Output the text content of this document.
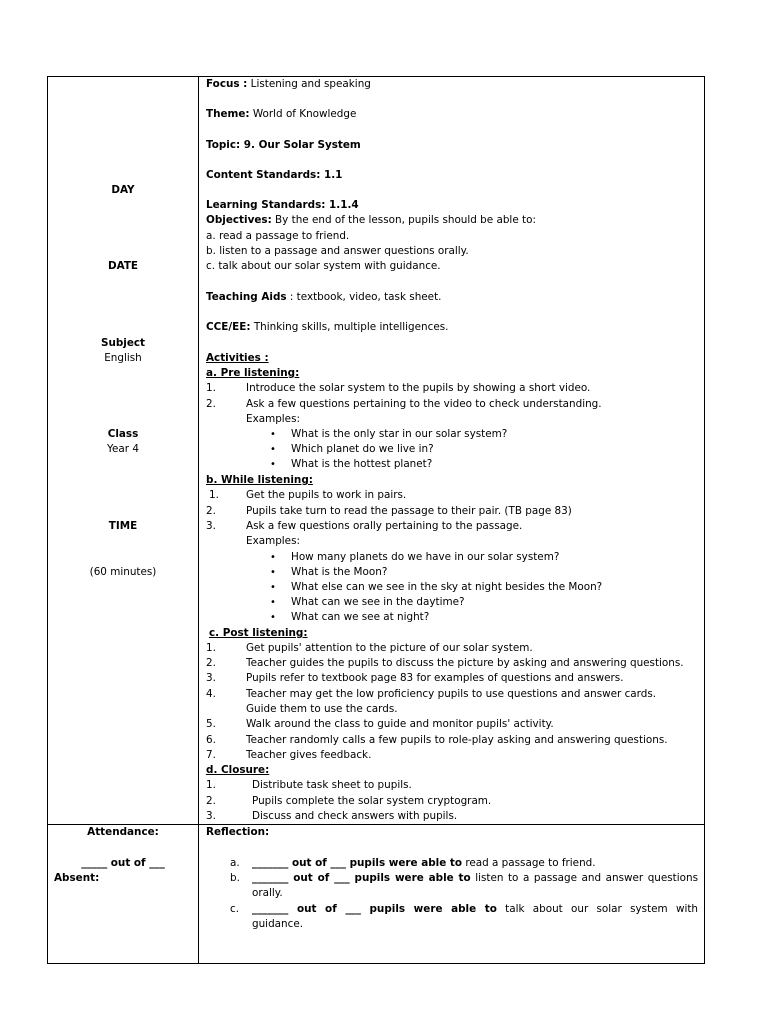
DAY
DATE
Subject
English
Class
Year 4
TIME
(60 minutes)
Focus : Listening and speaking
Theme: World of Knowledge
Topic: 9. Our Solar System
Content Standards: 1.1
Learning Standards: 1.1.4
Objectives: By the end of the lesson, pupils should be able to:
a. read a passage to friend.
b. listen to a passage and answer questions orally.
c. talk about our solar system with guidance.
Teaching Aids : textbook, video, task sheet.
CCE/EE: Thinking skills, multiple intelligences.
Activities :
a. Pre listening:
1.	Introduce the solar system to the pupils by showing a short video.
2.	Ask a few questions pertaining to the video to check understanding.
Examples:
• What is the only star in our solar system?
• Which planet do we live in?
• What is the hottest planet?
b. While listening:
1.	Get the pupils to work in pairs.
2.	Pupils take turn to read the passage to their pair. (TB page 83)
3.	Ask a few questions orally pertaining to the passage.
Examples:
• How many planets do we have in our solar system?
• What is the Moon?
• What else can we see in the sky at night besides the Moon?
• What can we see in the daytime?
• What can we see at night?
c. Post listening:
1.	Get pupils' attention to the picture of our solar system.
2.	Teacher guides the pupils to discuss the picture by asking and answering questions.
3.	Pupils refer to textbook page 83 for examples of questions and answers.
4.	Teacher may get the low proficiency pupils to use questions and answer cards.
Guide them to use the cards.
5.	Walk around the class to guide and monitor pupils' activity.
6.	Teacher randomly calls a few pupils to role-play asking and answering questions.
7.	Teacher gives feedback.
d. Closure:
1.	Distribute task sheet to pupils.
2.	Pupils complete the solar system cryptogram.
3.	Discuss and check answers with pupils.
Attendance:
_____ out of ___
Absent:
Reflection:
a. _______ out of ___ pupils were able to read a passage to friend.
b. _______ out of ___ pupils were able to listen to a passage and answer questions
orally.
c. _______ out of ___ pupils were able to talk about our solar system with
guidance.
